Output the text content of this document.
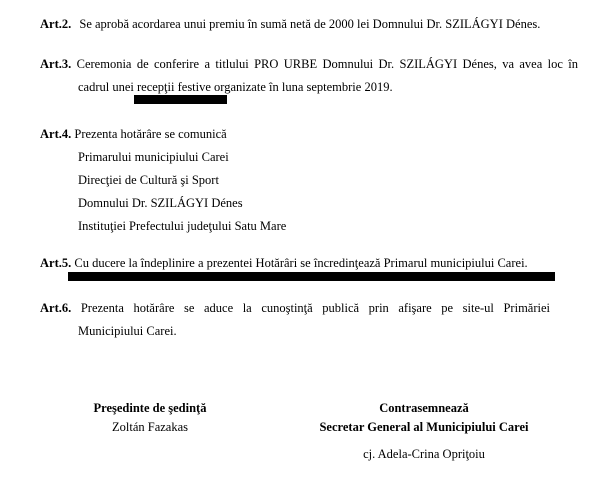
Art.2. Se aprobă acordarea unui premiu în sumă netă de 2000 lei Domnului Dr. SZILÁGYI Dénes.
Art.3. Ceremonia de conferire a titlului PRO URBE Domnului Dr. SZILÁGYI Dénes, va avea loc în
cadrul unei recepţii festive organizate în luna septembrie 2019.
Art.4. Prezenta hotărâre se comunică
Primarului municipiului Carei
Direcţiei de Cultură şi Sport
Domnului Dr. SZILÁGYI Dénes
Instituţiei Prefectului judeţului Satu Mare
Art.5. Cu ducere la îndeplinire a prezentei Hotărâri se încredinţează Primarul municipiului Carei.
Art.6. Prezenta hotărâre se aduce la cunoştinţă publică prin afişare pe site-ul Primăriei
Municipiului Carei.
Preşedinte de şedinţă
Zoltán Fazakas
Contrasemnează
Secretar General al Municipiului Carei
cj. Adela-Crina Opriţoiu
